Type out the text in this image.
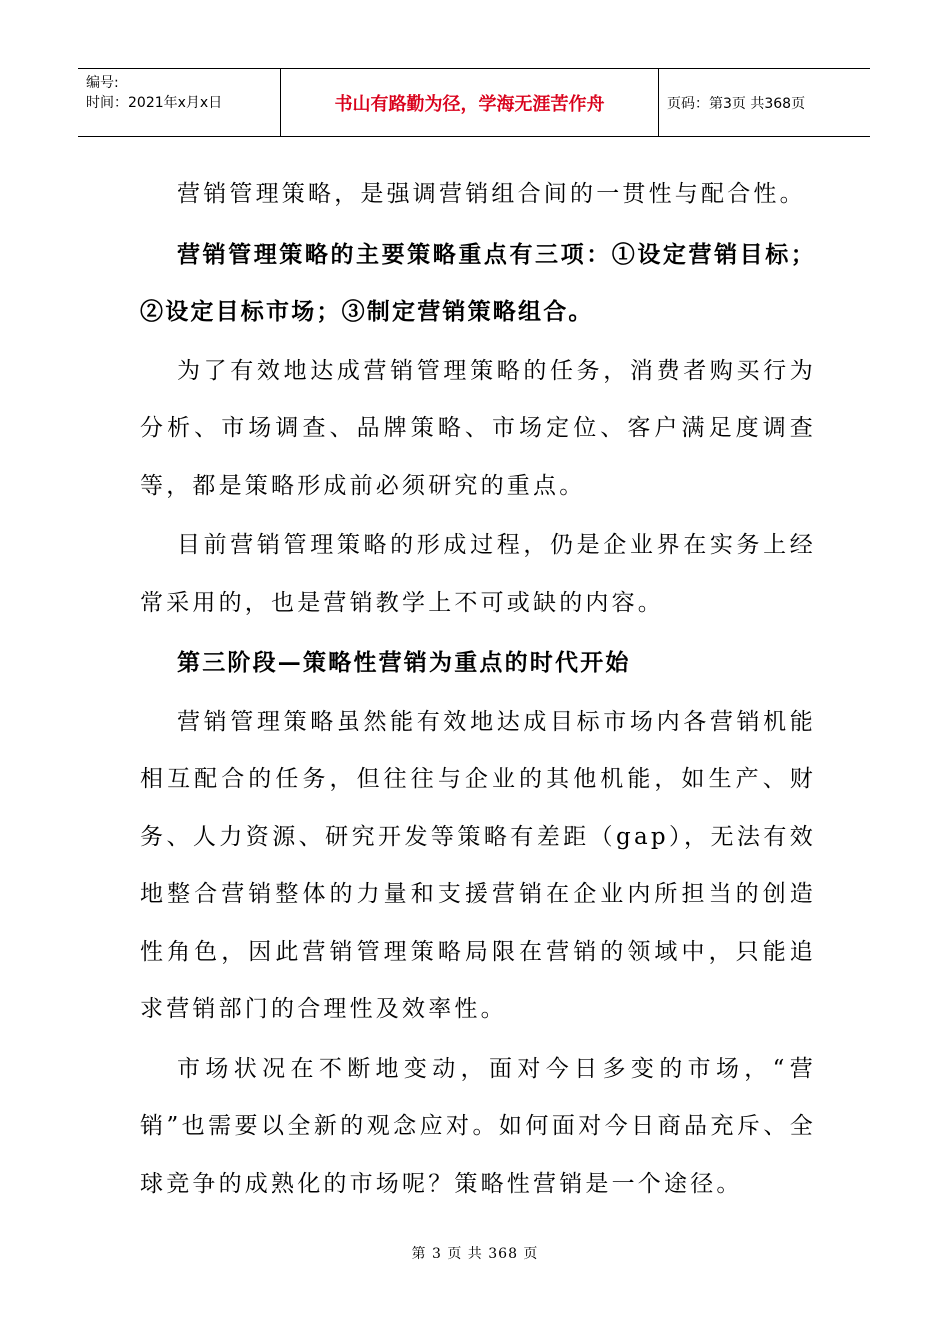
编号:
时间：2021年x月x日	书山有路勤为径，学海无涯苦作舟	页码：第3页 共368页

营销管理策略，是强调营销组合间的一贯性与配合性。

营销管理策略的主要策略重点有三项：①设定营销目标；②设定目标市场；③制定营销策略组合。

为了有效地达成营销管理策略的任务，消费者购买行为分析、市场调查、品牌策略、市场定位、客户满足度调查等，都是策略形成前必须研究的重点。

目前营销管理策略的形成过程，仍是企业界在实务上经常采用的，也是营销教学上不可或缺的内容。

第三阶段—策略性营销为重点的时代开始

营销管理策略虽然能有效地达成目标市场内各营销机能相互配合的任务，但往往与企业的其他机能，如生产、财务、人力资源、研究开发等策略有差距（gap），无法有效地整合营销整体的力量和支援营销在企业内所担当的创造性角色，因此营销管理策略局限在营销的领域中，只能追求营销部门的合理性及效率性。

市场状况在不断地变动，面对今日多变的市场，“营销”也需要以全新的观念应对。如何面对今日商品充斥、全球竞争的成熟化的市场呢？策略性营销是一个途径。

第 3 页 共 368 页
